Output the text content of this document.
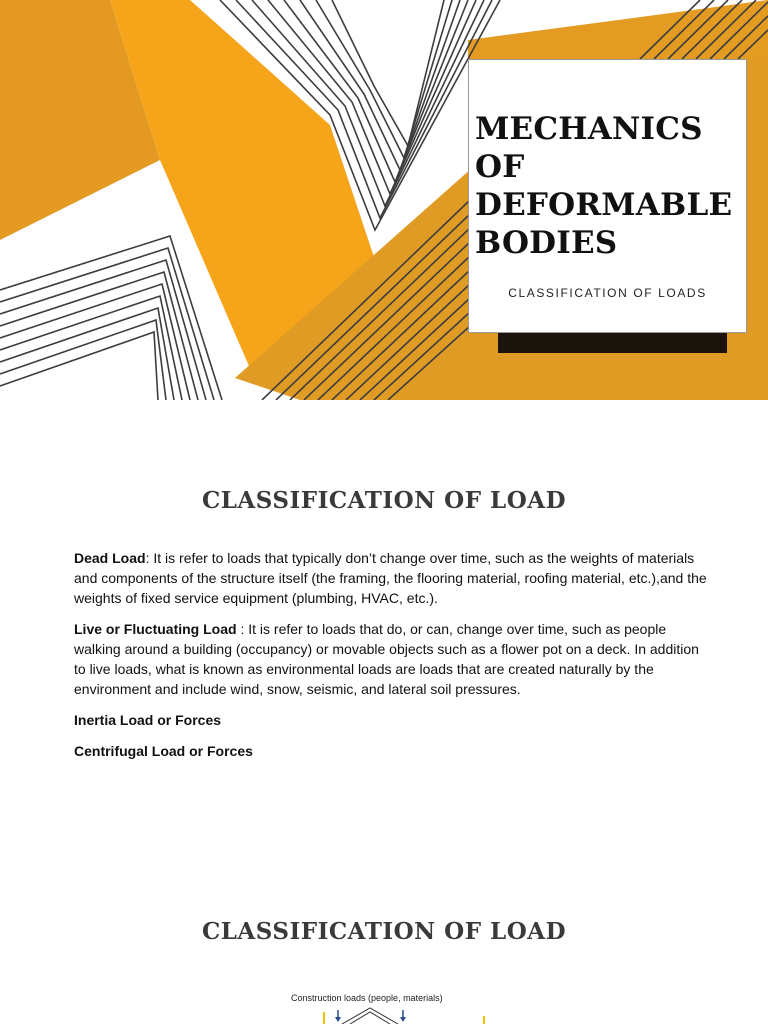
MECHANICS
OF
DEFORMABLE
BODIES
CLASSIFICATION OF LOADS
CLASSIFICATION OF LOAD

Dead Load: It is refer to loads that typically don’t change over time, such as the weights of materials and components of the structure itself (the framing, the flooring material, roofing material, etc.),and the weights of fixed service equipment (plumbing, HVAC, etc.).

Live or Fluctuating Load : It is refer to loads that do, or can, change over time, such as people walking around a building (occupancy) or movable objects such as a flower pot on a deck. In addition to live loads, what is known as environmental loads are loads that are created naturally by the environment and include wind, snow, seismic, and lateral soil pressures.

Inertia Load or Forces

Centrifugal Load or Forces

CLASSIFICATION OF LOAD
Construction loads (people, materials)
